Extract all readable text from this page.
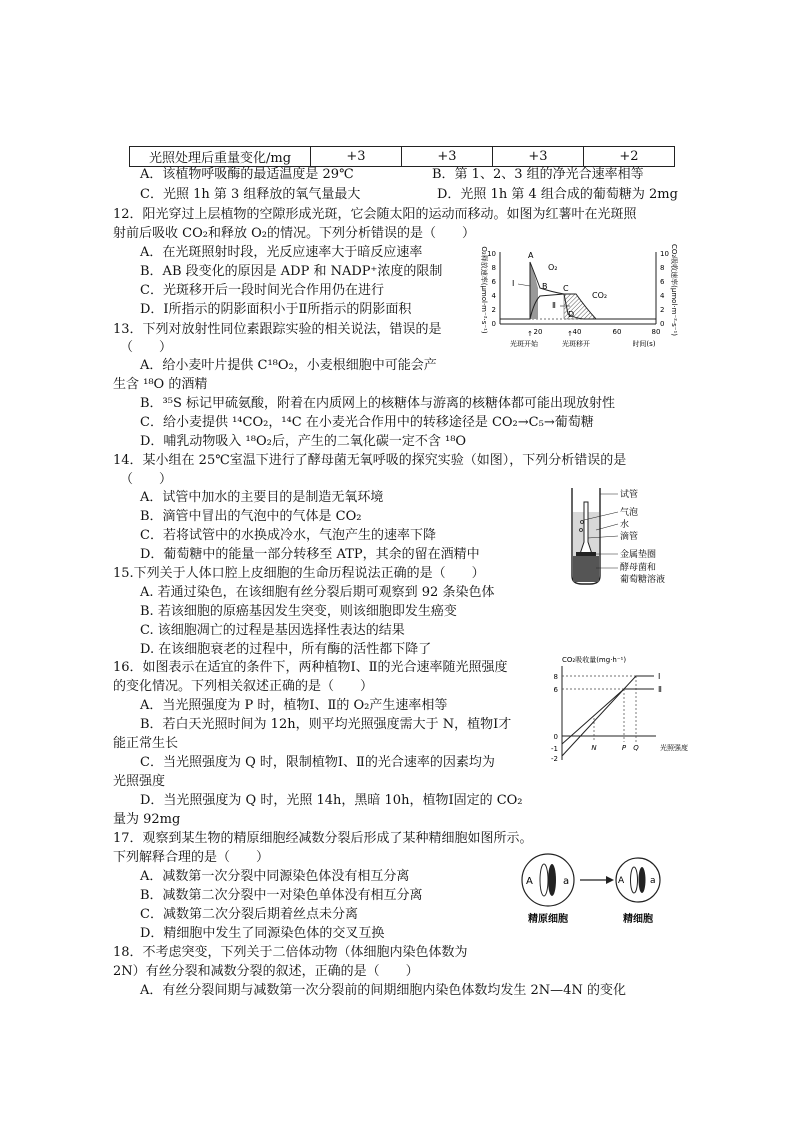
光照处理后重量变化/mg	+3	+3	+3	+2
A．该植物呼吸酶的最适温度是 29℃	B．第 1、2、3 组的净光合速率相等
C．光照 1h 第 3 组释放的氧气量最大	D．光照 1h 第 4 组合成的葡萄糖为 2mg
12．阳光穿过上层植物的空隙形成光斑，它会随太阳的运动而移动。如图为红薯叶在光斑照
射前后吸收 CO₂和释放 O₂的情况。下列分析错误的是（　　）
A．在光斑照射时段，光反应速率大于暗反应速率
B．AB 段变化的原因是 ADP 和 NADP⁺浓度的限制
C．光斑移开后一段时间光合作用仍在进行
D．Ⅰ所指示的阴影面积小于Ⅱ所指示的阴影面积	O₂释放速率(μmol·m⁻²·s⁻¹)	CO₂吸收速率(μmol·m⁻²·s⁻¹)
0
2
4
6
8
10
0
2
4
6
8
10
20	40	60	80
A
B C
D
O₂
CO₂
Ⅰ
Ⅱ
↑	↑
光斑开始	光斑移开	时间(s)
13．下列对放射性同位素跟踪实验的相关说法，错误的是
（　　）
A．给小麦叶片提供 C¹⁸O₂，小麦根细胞中可能会产
生含 ¹⁸O 的酒精
B．³⁵S 标记甲硫氨酸，附着在内质网上的核糖体与游离的核糖体都可能出现放射性
C．给小麦提供 ¹⁴CO₂，¹⁴C 在小麦光合作用中的转移途径是 CO₂→C₅→葡萄糖
D．哺乳动物吸入 ¹⁸O₂后，产生的二氧化碳一定不含 ¹⁸O
14．某小组在 25℃室温下进行了酵母菌无氧呼吸的探究实验（如图），下列分析错误的是
（　　）
A．试管中加水的主要目的是制造无氧环境
B．滴管中冒出的气泡中的气体是 CO₂
C．若将试管中的水换成冷水，气泡产生的速率下降
D．葡萄糖中的能量一部分转移至 ATP，其余的留在酒精中
试管
气泡
水
滴管
金属垫圈
酵母菌和
葡萄糖溶液
15.下列关于人体口腔上皮细胞的生命历程说法正确的是（　　）
A. 若通过染色，在该细胞有丝分裂后期可观察到 92 条染色体
B. 若该细胞的原癌基因发生突变，则该细胞即发生癌变
C. 该细胞凋亡的过程是基因选择性表达的结果
D. 在该细胞衰老的过程中，所有酶的活性都下降了
16．如图表示在适宜的条件下，两种植物Ⅰ、Ⅱ的光合速率随光照强度
的变化情况。下列相关叙述正确的是（　　）
A．当光照强度为 P 时，植物Ⅰ、Ⅱ的 O₂产生速率相等
B．若白天光照时间为 12h，则平均光照强度需大于 N，植物Ⅰ才
能正常生长
C．当光照强度为 Q 时，限制植物Ⅰ、Ⅱ的光合速率的因素均为
光照强度
D．当光照强度为 Q 时，光照 14h，黑暗 10h，植物Ⅰ固定的 CO₂
量为 92mg
CO₂吸收量(mg·h⁻¹)
光照强度
8
6
0
-1
-2
Ⅰ
Ⅱ
N	P Q
17．观察到某生物的精原细胞经减数分裂后形成了某种精细胞如图所示。
下列解释合理的是（　　）
A．减数第一次分裂中同源染色体没有相互分离
B．减数第二次分裂中一对染色单体没有相互分离
C．减数第二次分裂后期着丝点未分离
D．精细胞中发生了同源染色体的交叉互换
A	a	A	a
精原细胞	精细胞
18．不考虑突变，下列关于二倍体动物（体细胞内染色体数为
2N）有丝分裂和减数分裂的叙述，正确的是（　　）
A．有丝分裂间期与减数第一次分裂前的间期细胞内染色体数均发生 2N—4N 的变化
